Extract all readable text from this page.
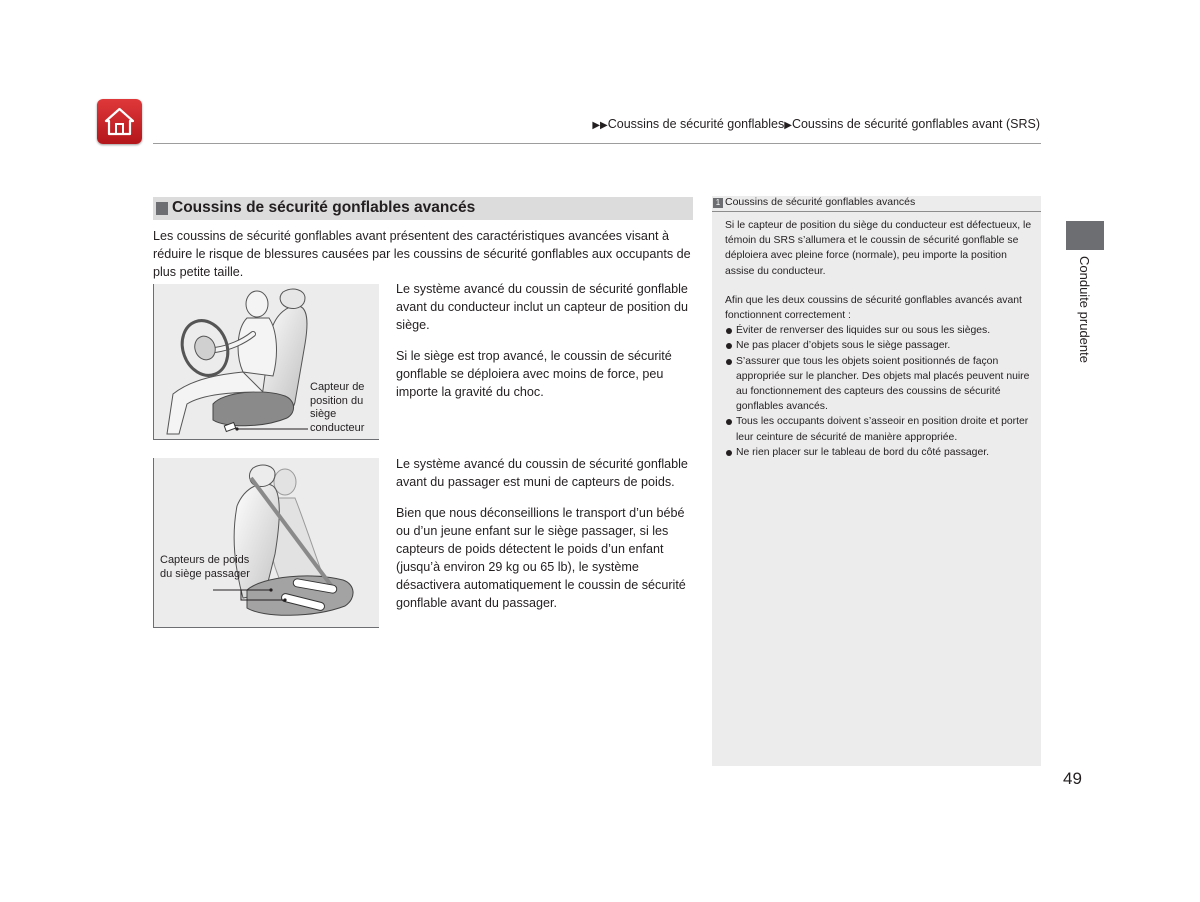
▶▶Coussins de sécurité gonflables▶Coussins de sécurité gonflables avant (SRS)
Coussins de sécurité gonflables avancés

Les coussins de sécurité gonflables avant présentent des caractéristiques avancées visant à réduire le risque de blessures causées par les coussins de sécurité gonflables aux occupants de plus petite taille.

Capteur de position du siège conducteur

Le système avancé du coussin de sécurité gonflable avant du conducteur inclut un capteur de position du siège.

Si le siège est trop avancé, le coussin de sécurité gonflable se déploiera avec moins de force, peu importe la gravité du choc.

Capteurs de poids du siège passager

Le système avancé du coussin de sécurité gonflable avant du passager est muni de capteurs de poids.

Bien que nous déconseillions le transport d’un bébé ou d’un jeune enfant sur le siège passager, si les capteurs de poids détectent le poids d’un enfant (jusqu’à environ 29 kg ou 65 lb), le système désactivera automatiquement le coussin de sécurité gonflable avant du passager.

1 Coussins de sécurité gonflables avancés

Si le capteur de position du siège du conducteur est défectueux, le témoin du SRS s’allumera et le coussin de sécurité gonflable se déploiera avec pleine force (normale), peu importe la position assise du conducteur.

Afin que les deux coussins de sécurité gonflables avancés avant fonctionnent correctement :

Éviter de renverser des liquides sur ou sous les sièges.
Ne pas placer d’objets sous le siège passager.
S’assurer que tous les objets soient positionnés de façon appropriée sur le plancher. Des objets mal placés peuvent nuire au fonctionnement des capteurs des coussins de sécurité gonflables avancés.
Tous les occupants doivent s’asseoir en position droite et porter leur ceinture de sécurité de manière appropriée.
Ne rien placer sur le tableau de bord du côté passager.
Conduite prudente
49
